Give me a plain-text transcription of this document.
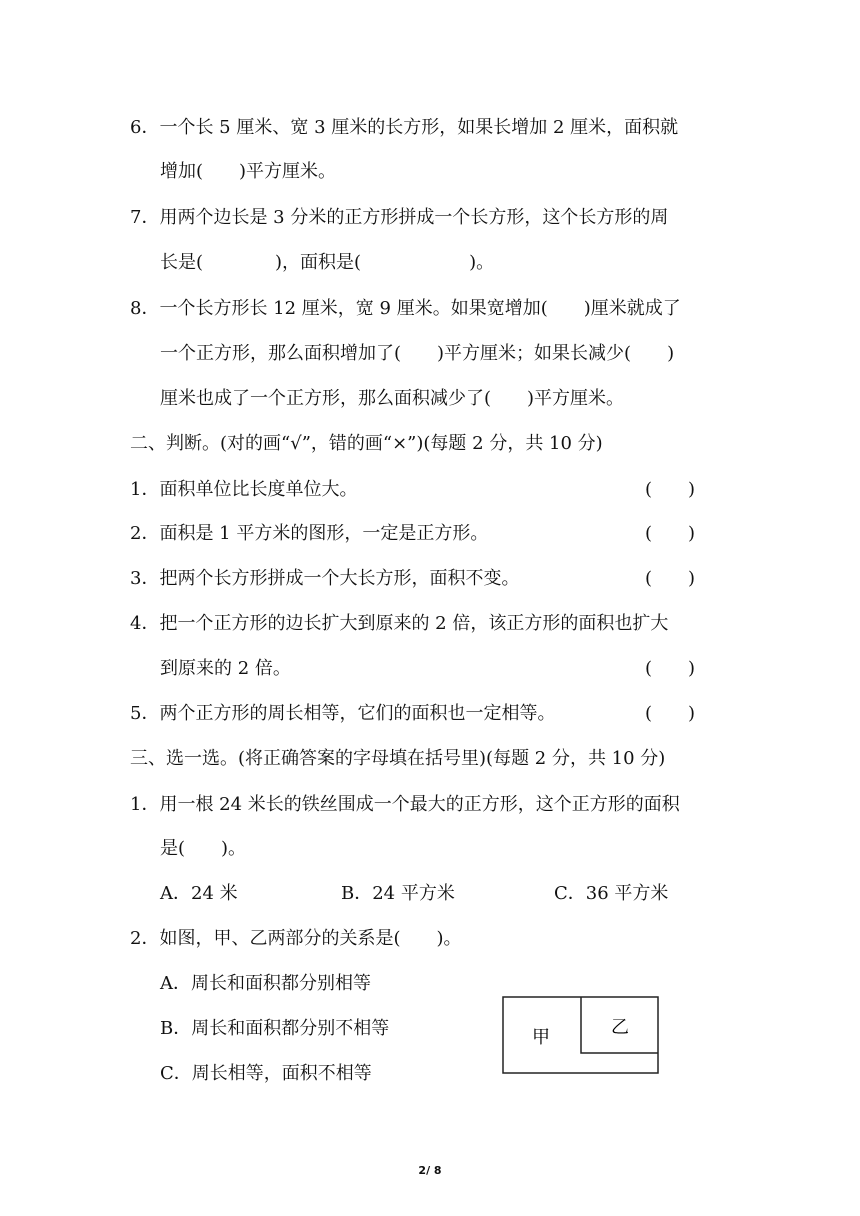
6．一个长 5 厘米、宽 3 厘米的长方形，如果长增加 2 厘米，面积就
增加(　　)平方厘米。
7．用两个边长是 3 分米的正方形拼成一个长方形，这个长方形的周
长是(　　　　)，面积是(　　　　　　)。
8．一个长方形长 12 厘米，宽 9 厘米。如果宽增加(　　)厘米就成了
一个正方形，那么面积增加了(　　)平方厘米；如果长减少(　　)
厘米也成了一个正方形，那么面积减少了(　　)平方厘米。
二、判断。(对的画“√”，错的画“×”)(每题 2 分，共 10 分)
1．面积单位比长度单位大。	(　　)
2．面积是 1 平方米的图形，一定是正方形。	(　　)
3．把两个长方形拼成一个大长方形，面积不变。	(　　)
4．把一个正方形的边长扩大到原来的 2 倍，该正方形的面积也扩大
到原来的 2 倍。	(　　)
5．两个正方形的周长相等，它们的面积也一定相等。	(　　)
三、选一选。(将正确答案的字母填在括号里)(每题 2 分，共 10 分)
1．用一根 24 米长的铁丝围成一个最大的正方形，这个正方形的面积
是(　　)。
A．24 米	B．24 平方米	C．36 平方米
2．如图，甲、乙两部分的关系是(　　)。
A．周长和面积都分别相等
B．周长和面积都分别不相等
C．周长相等，面积不相等
甲	乙
2/ 8
